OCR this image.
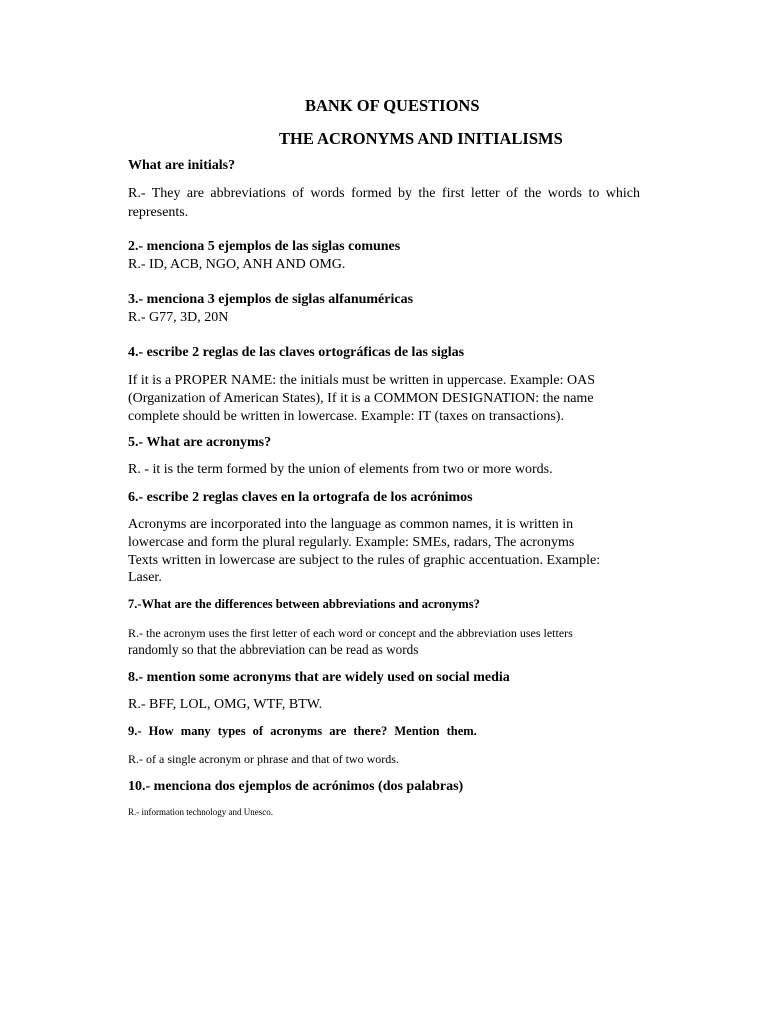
BANK OF QUESTIONS

THE ACRONYMS AND INITIALISMS

What are initials?

R.- They are abbreviations of words formed by the first letter of the words to which

represents.

2.- menciona 5 ejemplos de las siglas comunes

R.- ID, ACB, NGO, ANH AND OMG.

3.- menciona 3 ejemplos de siglas alfanuméricas

R.- G77, 3D, 20N

4.- escribe 2 reglas de las claves ortográficas de las siglas

If it is a PROPER NAME: the initials must be written in uppercase. Example: OAS

(Organization of American States), If it is a COMMON DESIGNATION: the name

complete should be written in lowercase. Example: IT (taxes on transactions).

5.- What are acronyms?

R. - it is the term formed by the union of elements from two or more words.

6.- escribe 2 reglas claves en la ortografa de los acrónimos

Acronyms are incorporated into the language as common names, it is written in

lowercase and form the plural regularly. Example: SMEs, radars, The acronyms

Texts written in lowercase are subject to the rules of graphic accentuation. Example:

Laser.

7.-What are the differences between abbreviations and acronyms?

R.- the acronym uses the first letter of each word or concept and the abbreviation uses letters

randomly so that the abbreviation can be read as words

8.- mention some acronyms that are widely used on social media

R.- BFF, LOL, OMG, WTF, BTW.

9.- How many types of acronyms are there? Mention them.

R.- of a single acronym or phrase and that of two words.

10.- menciona dos ejemplos de acrónimos (dos palabras)

R.- information technology and Unesco.
